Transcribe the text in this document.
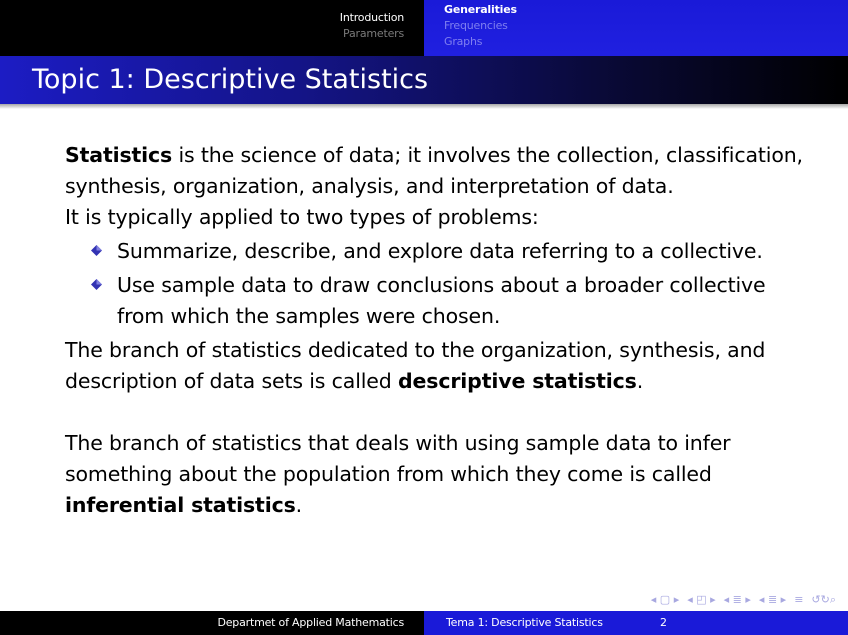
Introduction
Parameters
Generalities
Frequencies
Graphs
Topic 1: Descriptive Statistics

Statistics is the science of data; it involves the collection, classification, synthesis, organization, analysis, and interpretation of data.

It is typically applied to two types of problems:

Summarize, describe, and explore data referring to a collective.
Use sample data to draw conclusions about a broader collective from which the samples were chosen.

The branch of statistics dedicated to the organization, synthesis, and description of data sets is called descriptive statistics.

The branch of statistics that deals with using sample data to infer something about the population from which they come is called inferential statistics.

◂ ▢ ▸ ◂ ◰ ▸ ◂ ≣ ▸ ◂ ≣ ▸ ≡ ↺↻⌕
Departmet of Applied Mathematics	Tema 1: Descriptive Statistics	2
